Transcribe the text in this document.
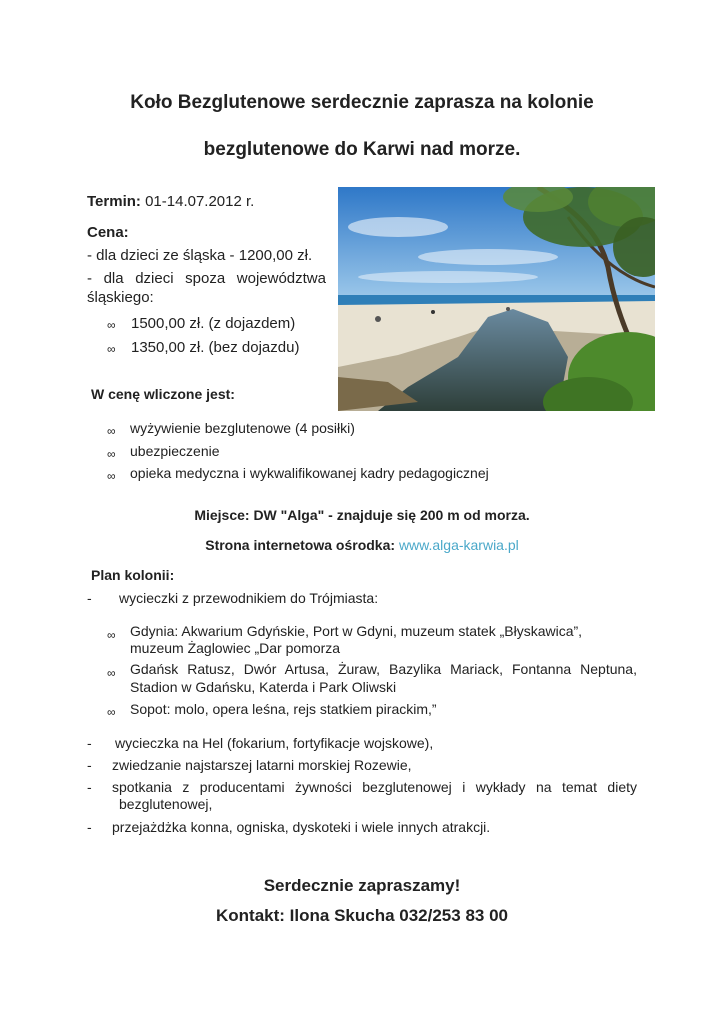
Koło Bezglutenowe serdecznie zaprasza na kolonie
bezglutenowe do Karwi nad morze.
Termin: 01-14.07.2012 r.
Cena:
- dla dzieci ze śląska - 1200,00 zł.
- dla dzieci spoza województwa
śląskiego:
∞ 1500,00 zł. (z dojazdem)
∞ 1350,00 zł. (bez dojazdu)
W cenę wliczone jest:
∞ wyżywienie bezglutenowe (4 posiłki)
∞ ubezpieczenie
∞ opieka medyczna i wykwalifikowanej kadry pedagogicznej
Miejsce: DW "Alga" - znajduje się 200 m od morza.
Strona internetowa ośrodka: www.alga-karwia.pl
Plan kolonii:
- wycieczki z przewodnikiem do Trójmiasta:
∞ Gdynia: Akwarium Gdyńskie, Port w Gdyni, muzeum statek „Błyskawica”,
muzeum Żaglowiec „Dar pomorza
∞ Gdańsk Ratusz, Dwór Artusa, Żuraw, Bazylika Mariack, Fontanna Neptuna,
Stadion w Gdańsku, Katerda i Park Oliwski
∞ Sopot: molo, opera leśna, rejs statkiem pirackim,”
- wycieczka na Hel (fokarium, fortyfikacje wojskowe),
- zwiedzanie najstarszej latarni morskiej Rozewie,
- spotkania z producentami żywności bezglutenowej i wykłady na temat diety
bezglutenowej,
- przejażdżka konna, ogniska, dyskoteki i wiele innych atrakcji.
Serdecznie zapraszamy!
Kontakt: Ilona Skucha 032/253 83 00
